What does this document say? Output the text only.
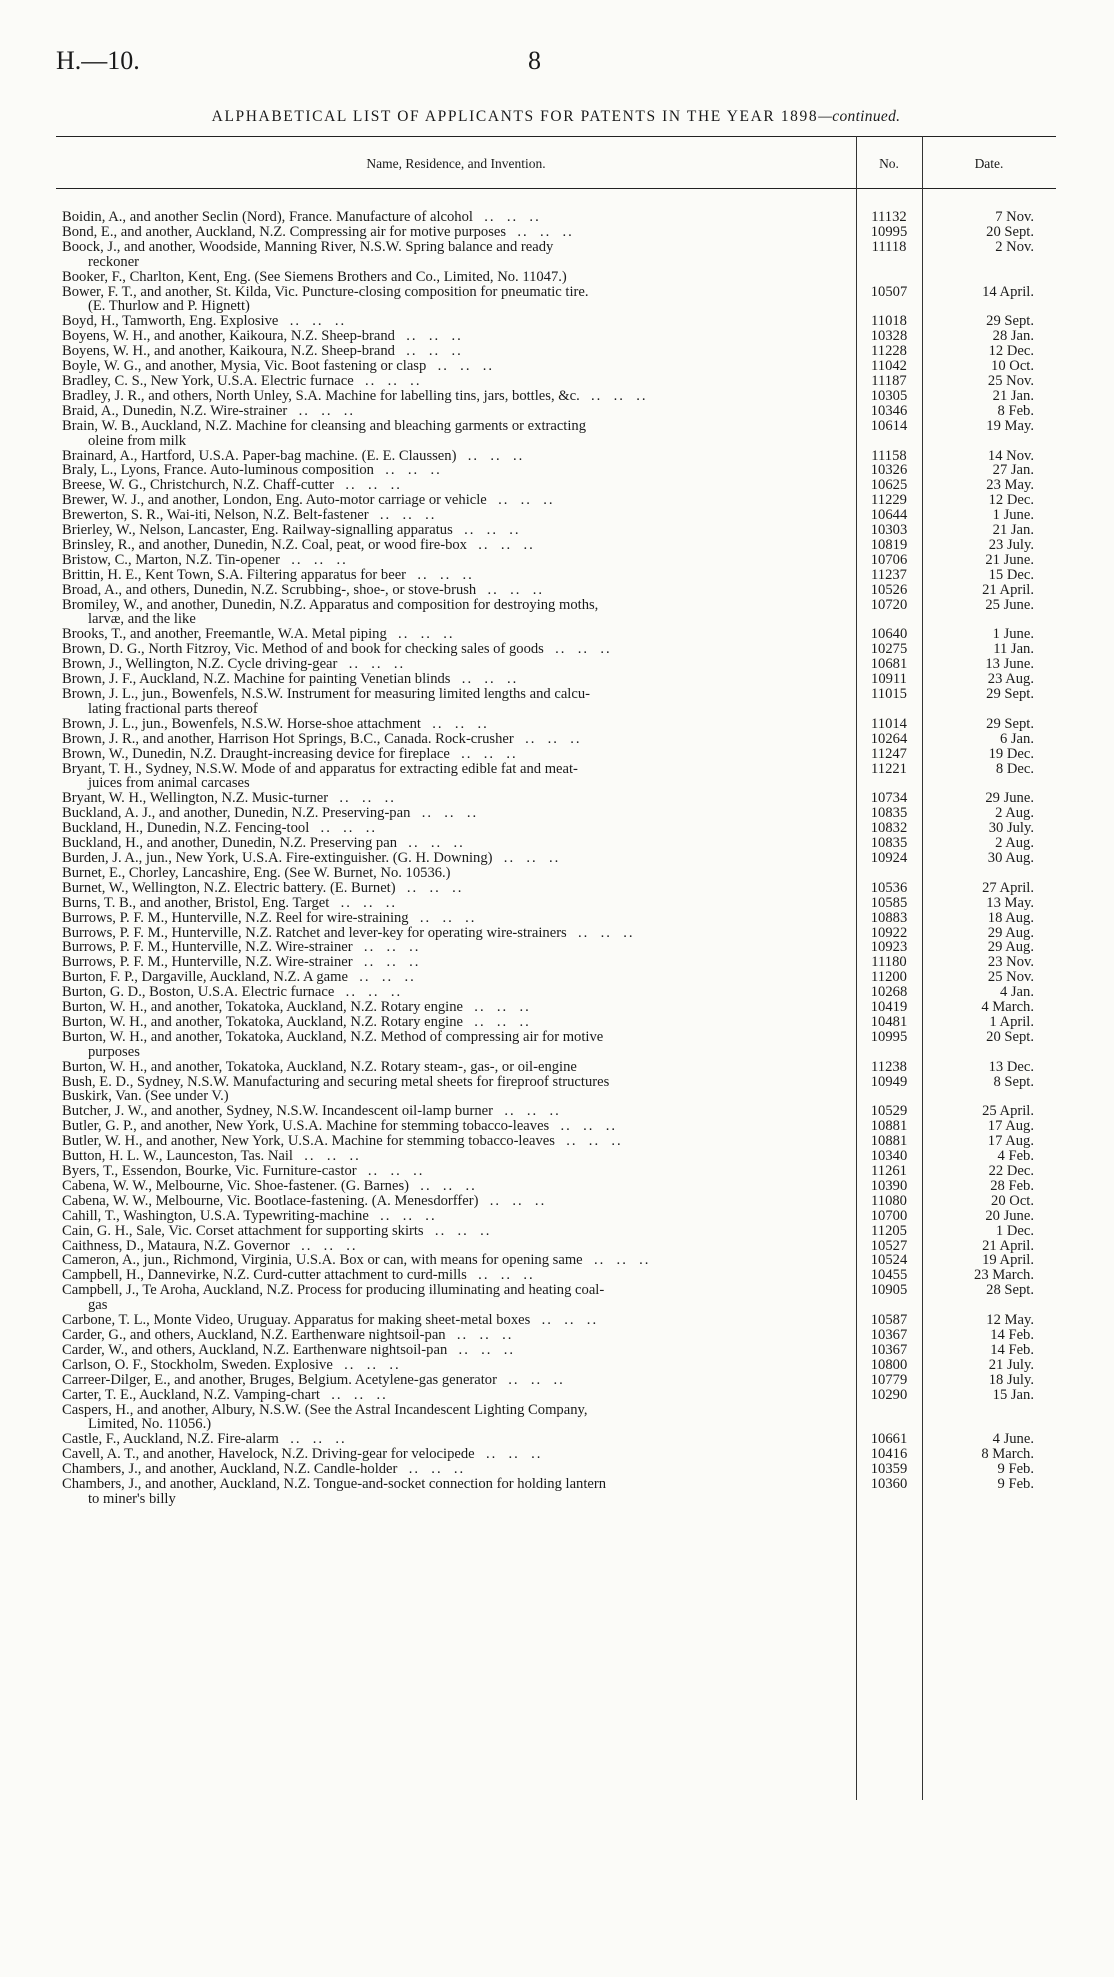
H.—10.	8
ALPHABETICAL LIST OF APPLICANTS FOR PATENTS IN THE YEAR 1898—continued.
Name, Residence, and Invention.	No.	Date.
Boidin, A., and another Seclin (Nord), France. Manufacture of alcohol  ..  ..  ..	11132	7 Nov.
Bond, E., and another, Auckland, N.Z. Compressing air for motive purposes  ..  ..  ..	10995	20 Sept.
Boock, J., and another, Woodside, Manning River, N.S.W. Spring balance and ready
reckoner
11118	2 Nov.
Booker, F., Charlton, Kent, Eng. (See Siemens Brothers and Co., Limited, No. 11047.)
Bower, F. T., and another, St. Kilda, Vic. Puncture-closing composition for pneumatic tire.
(E. Thurlow and P. Hignett)
10507	14 April.
Boyd, H., Tamworth, Eng. Explosive  ..  ..  ..	11018	29 Sept.
Boyens, W. H., and another, Kaikoura, N.Z. Sheep-brand  ..  ..  ..	10328	28 Jan.
Boyens, W. H., and another, Kaikoura, N.Z. Sheep-brand  ..  ..  ..	11228	12 Dec.
Boyle, W. G., and another, Mysia, Vic. Boot fastening or clasp  ..  ..  ..	11042	10 Oct.
Bradley, C. S., New York, U.S.A. Electric furnace  ..  ..  ..	11187	25 Nov.
Bradley, J. R., and others, North Unley, S.A. Machine for labelling tins, jars, bottles, &c.  ..  ..  ..	10305	21 Jan.
Braid, A., Dunedin, N.Z. Wire-strainer  ..  ..  ..	10346	8 Feb.
Brain, W. B., Auckland, N.Z. Machine for cleansing and bleaching garments or extracting
oleine from milk
10614	19 May.
Brainard, A., Hartford, U.S.A. Paper-bag machine. (E. E. Claussen)  ..  ..  ..	11158	14 Nov.
Braly, L., Lyons, France. Auto-luminous composition  ..  ..  ..	10326	27 Jan.
Breese, W. G., Christchurch, N.Z. Chaff-cutter  ..  ..  ..	10625	23 May.
Brewer, W. J., and another, London, Eng. Auto-motor carriage or vehicle  ..  ..  ..	11229	12 Dec.
Brewerton, S. R., Wai-iti, Nelson, N.Z. Belt-fastener  ..  ..  ..	10644	1 June.
Brierley, W., Nelson, Lancaster, Eng. Railway-signalling apparatus  ..  ..  ..	10303	21 Jan.
Brinsley, R., and another, Dunedin, N.Z. Coal, peat, or wood fire-box  ..  ..  ..	10819	23 July.
Bristow, C., Marton, N.Z. Tin-opener  ..  ..  ..	10706	21 June.
Brittin, H. E., Kent Town, S.A. Filtering apparatus for beer  ..  ..  ..	11237	15 Dec.
Broad, A., and others, Dunedin, N.Z. Scrubbing-, shoe-, or stove-brush  ..  ..  ..	10526	21 April.
Bromiley, W., and another, Dunedin, N.Z. Apparatus and composition for destroying moths,
larvæ, and the like
10720	25 June.
Brooks, T., and another, Freemantle, W.A. Metal piping  ..  ..  ..	10640	1 June.
Brown, D. G., North Fitzroy, Vic. Method of and book for checking sales of goods  ..  ..  ..	10275	11 Jan.
Brown, J., Wellington, N.Z. Cycle driving-gear  ..  ..  ..	10681	13 June.
Brown, J. F., Auckland, N.Z. Machine for painting Venetian blinds  ..  ..  ..	10911	23 Aug.
Brown, J. L., jun., Bowenfels, N.S.W. Instrument for measuring limited lengths and calcu-
lating fractional parts thereof
11015	29 Sept.
Brown, J. L., jun., Bowenfels, N.S.W. Horse-shoe attachment  ..  ..  ..	11014	29 Sept.
Brown, J. R., and another, Harrison Hot Springs, B.C., Canada. Rock-crusher  ..  ..  ..	10264	6 Jan.
Brown, W., Dunedin, N.Z. Draught-increasing device for fireplace  ..  ..  ..	11247	19 Dec.
Bryant, T. H., Sydney, N.S.W. Mode of and apparatus for extracting edible fat and meat-
juices from animal carcases
11221	8 Dec.
Bryant, W. H., Wellington, N.Z. Music-turner  ..  ..  ..	10734	29 June.
Buckland, A. J., and another, Dunedin, N.Z. Preserving-pan  ..  ..  ..	10835	2 Aug.
Buckland, H., Dunedin, N.Z. Fencing-tool  ..  ..  ..	10832	30 July.
Buckland, H., and another, Dunedin, N.Z. Preserving pan  ..  ..  ..	10835	2 Aug.
Burden, J. A., jun., New York, U.S.A. Fire-extinguisher. (G. H. Downing)  ..  ..  ..	10924	30 Aug.
Burnet, E., Chorley, Lancashire, Eng. (See W. Burnet, No. 10536.)
Burnet, W., Wellington, N.Z. Electric battery. (E. Burnet)  ..  ..  ..	10536	27 April.
Burns, T. B., and another, Bristol, Eng. Target  ..  ..  ..	10585	13 May.
Burrows, P. F. M., Hunterville, N.Z. Reel for wire-straining  ..  ..  ..	10883	18 Aug.
Burrows, P. F. M., Hunterville, N.Z. Ratchet and lever-key for operating wire-strainers  ..  ..  ..	10922	29 Aug.
Burrows, P. F. M., Hunterville, N.Z. Wire-strainer  ..  ..  ..	10923	29 Aug.
Burrows, P. F. M., Hunterville, N.Z. Wire-strainer  ..  ..  ..	11180	23 Nov.
Burton, F. P., Dargaville, Auckland, N.Z. A game  ..  ..  ..	11200	25 Nov.
Burton, G. D., Boston, U.S.A. Electric furnace  ..  ..  ..	10268	4 Jan.
Burton, W. H., and another, Tokatoka, Auckland, N.Z. Rotary engine  ..  ..  ..	10419	4 March.
Burton, W. H., and another, Tokatoka, Auckland, N.Z. Rotary engine  ..  ..  ..	10481	1 April.
Burton, W. H., and another, Tokatoka, Auckland, N.Z. Method of compressing air for motive
purposes
10995	20 Sept.
Burton, W. H., and another, Tokatoka, Auckland, N.Z. Rotary steam-, gas-, or oil-engine	11238	13 Dec.
Bush, E. D., Sydney, N.S.W. Manufacturing and securing metal sheets for fireproof structures	10949	8 Sept.
Buskirk, Van. (See under V.)
Butcher, J. W., and another, Sydney, N.S.W. Incandescent oil-lamp burner  ..  ..  ..	10529	25 April.
Butler, G. P., and another, New York, U.S.A. Machine for stemming tobacco-leaves  ..  ..  ..	10881	17 Aug.
Butler, W. H., and another, New York, U.S.A. Machine for stemming tobacco-leaves  ..  ..  ..	10881	17 Aug.
Button, H. L. W., Launceston, Tas. Nail  ..  ..  ..	10340	4 Feb.
Byers, T., Essendon, Bourke, Vic. Furniture-castor  ..  ..  ..	11261	22 Dec.
Cabena, W. W., Melbourne, Vic. Shoe-fastener. (G. Barnes)  ..  ..  ..	10390	28 Feb.
Cabena, W. W., Melbourne, Vic. Bootlace-fastening. (A. Menesdorffer)  ..  ..  ..	11080	20 Oct.
Cahill, T., Washington, U.S.A. Typewriting-machine  ..  ..  ..	10700	20 June.
Cain, G. H., Sale, Vic. Corset attachment for supporting skirts  ..  ..  ..	11205	1 Dec.
Caithness, D., Mataura, N.Z. Governor  ..  ..  ..	10527	21 April.
Cameron, A., jun., Richmond, Virginia, U.S.A. Box or can, with means for opening same  ..  ..  ..	10524	19 April.
Campbell, H., Dannevirke, N.Z. Curd-cutter attachment to curd-mills  ..  ..  ..	10455	23 March.
Campbell, J., Te Aroha, Auckland, N.Z. Process for producing illuminating and heating coal-
gas
10905	28 Sept.
Carbone, T. L., Monte Video, Uruguay. Apparatus for making sheet-metal boxes  ..  ..  ..	10587	12 May.
Carder, G., and others, Auckland, N.Z. Earthenware nightsoil-pan  ..  ..  ..	10367	14 Feb.
Carder, W., and others, Auckland, N.Z. Earthenware nightsoil-pan  ..  ..  ..	10367	14 Feb.
Carlson, O. F., Stockholm, Sweden. Explosive  ..  ..  ..	10800	21 July.
Carreer-Dilger, E., and another, Bruges, Belgium. Acetylene-gas generator  ..  ..  ..	10779	18 July.
Carter, T. E., Auckland, N.Z. Vamping-chart  ..  ..  ..	10290	15 Jan.
Caspers, H., and another, Albury, N.S.W. (See the Astral Incandescent Lighting Company,
Limited, No. 11056.)
Castle, F., Auckland, N.Z. Fire-alarm  ..  ..  ..	10661	4 June.
Cavell, A. T., and another, Havelock, N.Z. Driving-gear for velocipede  ..  ..  ..	10416	8 March.
Chambers, J., and another, Auckland, N.Z. Candle-holder  ..  ..  ..	10359	9 Feb.
Chambers, J., and another, Auckland, N.Z. Tongue-and-socket connection for holding lantern
to miner's billy
10360	9 Feb.
